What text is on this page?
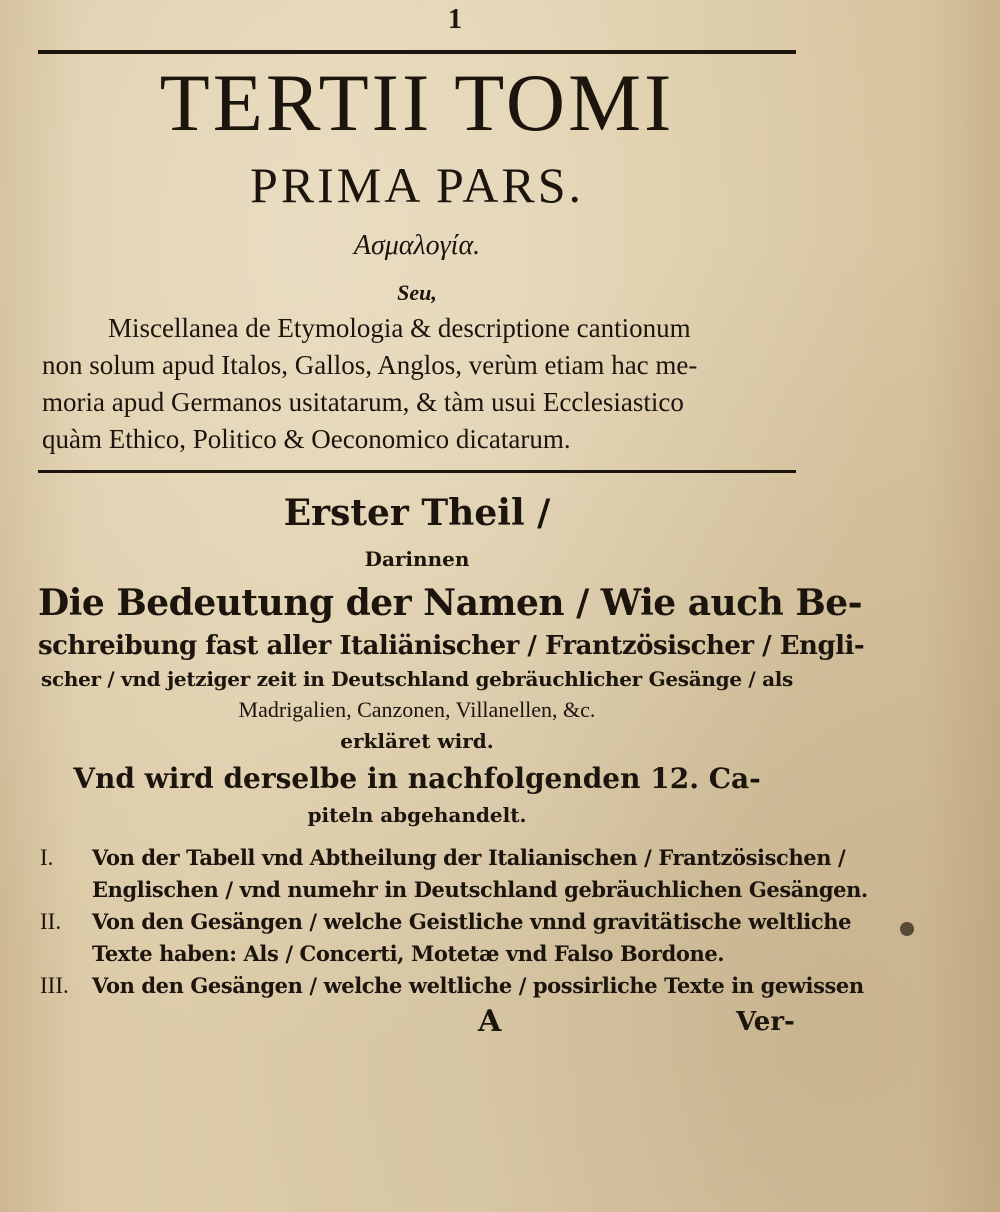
1
TERTII TOMI
PRIMA PARS.
Ασμαλογία.
Seu,
Miscellanea de Etymologia & descriptione cantionum
non solum apud Italos, Gallos, Anglos, verùm etiam hac me-
moria apud Germanos usitatarum, & tàm usui Ecclesiastico
quàm Ethico, Politico & Oeconomico dicatarum.
Erster Theil /
Darinnen
Die Bedeutung der Namen / Wie auch Be-
schreibung fast aller Italiänischer / Frantzösischer / Engli-
scher / vnd jetziger zeit in Deutschland gebräuchlicher Gesänge / als
Madrigalien, Canzonen, Villanellen, &c.
erkläret wird.
Vnd wird derselbe in nachfolgenden 12. Ca-
piteln abgehandelt.
I. Von der Tabell vnd Abtheilung der Italianischen / Frantzösischen /
Englischen / vnd numehr in Deutschland gebräuchlichen Gesängen.
II. Von den Gesängen / welche Geistliche vnnd gravitätische weltliche
Texte haben: Als / Concerti, Motetæ vnd Falso Bordone.
III. Von den Gesängen / welche weltliche / possirliche Texte in gewissen
A	Ver-
